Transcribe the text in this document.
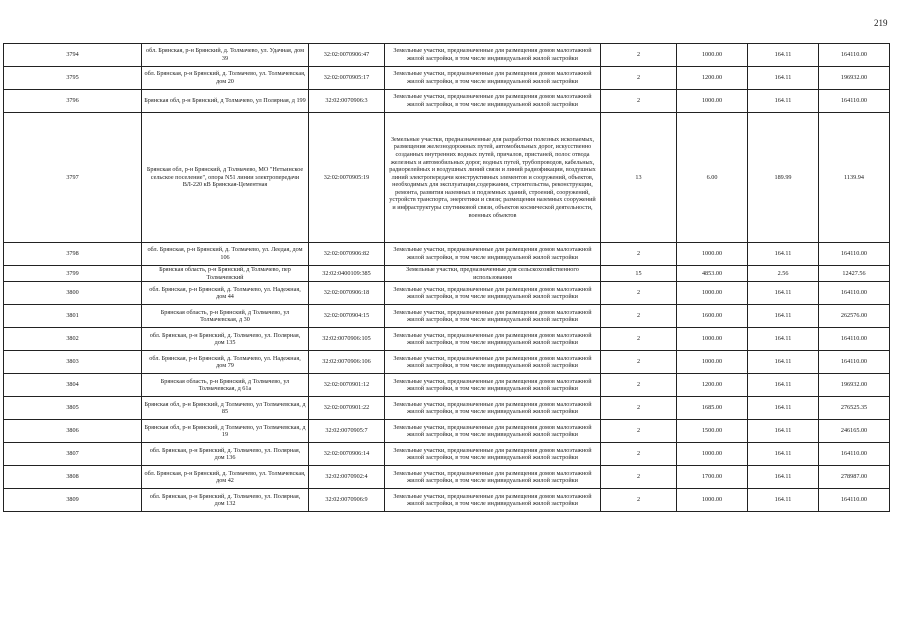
219
3794	обл. Брянская, р-н Брянский, д. Толмачево, ул. Удачная, дом 39	32:02:0070906:47	Земельные участки, предназначенные для размещения домов малоэтажной жилой застройки, в том числе индивидуальной жилой застройки	2	1000.00	164.11	164110.00
3795	обл. Брянская, р-н Брянский, д. Толмачево, ул. Толмачевская, дом 20	32:02:0070905:17	Земельные участки, предназначенные для размещения домов малоэтажной жилой застройки, в том числе индивидуальной жилой застройки	2	1200.00	164.11	196932.00
3796	Брянская обл, р-н Брянский, д Толмачево, ул Полярная, д 199	32:02:0070906:3	Земельные участки, предназначенные для размещения домов малоэтажной жилой застройки, в том числе индивидуальной жилой застройки	2	1000.00	164.11	164110.00
3797	Брянская обл, р-н Брянский, д Толмачево, МО "Нетьинское сельское поселение", опора N51 линии электропередачи ВЛ-220 кВ Брянская-Цементная	32:02:0070905:19	Земельные участки, предназначенные для разработки полезных ископаемых, размещения железнодорожных путей, автомобильных дорог, искусственно созданных внутренних водных путей, причалов, пристаней, полос отвода железных и автомобильных дорог, водных путей, трубопроводов, кабельных, радиорелейных и воздушных линий связи и линий радиофикации, воздушных линий электропередачи конструктивных элементов и сооружений, объектов, необходимых для эксплуатации,содержания, строительства, реконструкции, ремонта, развития наземных и подземных зданий, строений, сооружений, устройств транспорта, энергетики и связи; размещения наземных сооружений и инфраструктуры спутниковой связи, объектов космической деятельности, военных объектов	13	6.00	189.99	1139.94
3798	обл. Брянская, р-н Брянский, д. Толмачево, ул. Леедая, дом 106	32:02:0070906:82	Земельные участки, предназначенные для размещения домов малоэтажной жилой застройки, в том числе индивидуальной жилой застройки	2	1000.00	164.11	164110.00
3799	Брянская область, р-н Брянский, д Толмачево, пер Толмачевский	32:02:0400109:385	Земельные участки, предназначенные для сельскохозяйственного использования	15	4853.00	2.56	12427.56
3800	обл. Брянская, р-н Брянский, д. Толмачево, ул. Надежная, дом 44	32:02:0070906:18	Земельные участки, предназначенные для размещения домов малоэтажной жилой застройки, в том числе индивидуальной жилой застройки	2	1000.00	164.11	164110.00
3801	Брянская область, р-н Брянский, д Толмачево, ул Толмачевская, д 30	32:02:0070904:15	Земельные участки, предназначенные для размещения домов малоэтажной жилой застройки, в том числе индивидуальной жилой застройки	2	1600.00	164.11	262576.00
3802	обл. Брянская, р-н Брянский, д. Толмачево, ул. Полярная, дом 135	32:02:0070906:105	Земельные участки, предназначенные для размещения домов малоэтажной жилой застройки, в том числе индивидуальной жилой застройки	2	1000.00	164.11	164110.00
3803	обл. Брянская, р-н Брянский, д. Толмачево, ул. Надежная, дом 79	32:02:0070906:106	Земельные участки, предназначенные для размещения домов малоэтажной жилой застройки, в том числе индивидуальной жилой застройки	2	1000.00	164.11	164110.00
3804	Брянская область, р-н Брянский, д Толмачево, ул Толмачевская, д 61а	32:02:0070901:12	Земельные участки, предназначенные для размещения домов малоэтажной жилой застройки, в том числе индивидуальной жилой застройки	2	1200.00	164.11	196932.00
3805	Брянская обл, р-н Брянский, д Толмачево, ул Толмачевская, д 85	32:02:0070901:22	Земельные участки, предназначенные для размещения домов малоэтажной жилой застройки, в том числе индивидуальной жилой застройки	2	1685.00	164.11	276525.35
3806	Брянская обл, р-н Брянский, д Толмачево, ул Толмачевская, д 19	32:02:0070905:7	Земельные участки, предназначенные для размещения домов малоэтажной жилой застройки, в том числе индивидуальной жилой застройки	2	1500.00	164.11	246165.00
3807	обл. Брянская, р-н Брянский, д. Толмачево, ул. Полярная, дом 136	32:02:0070906:14	Земельные участки, предназначенные для размещения домов малоэтажной жилой застройки, в том числе индивидуальной жилой застройки	2	1000.00	164.11	164110.00
3808	обл. Брянская, р-н Брянский, д. Толмачево, ул. Толмачевская, дом 42	32:02:0070902:4	Земельные участки, предназначенные для размещения домов малоэтажной жилой застройки, в том числе индивидуальной жилой застройки	2	1700.00	164.11	278987.00
3809	обл. Брянская, р-н Брянский, д. Толмачево, ул. Полярная, дом 132	32:02:0070906:9	Земельные участки, предназначенные для размещения домов малоэтажной жилой застройки, в том числе индивидуальной жилой застройки	2	1000.00	164.11	164110.00
